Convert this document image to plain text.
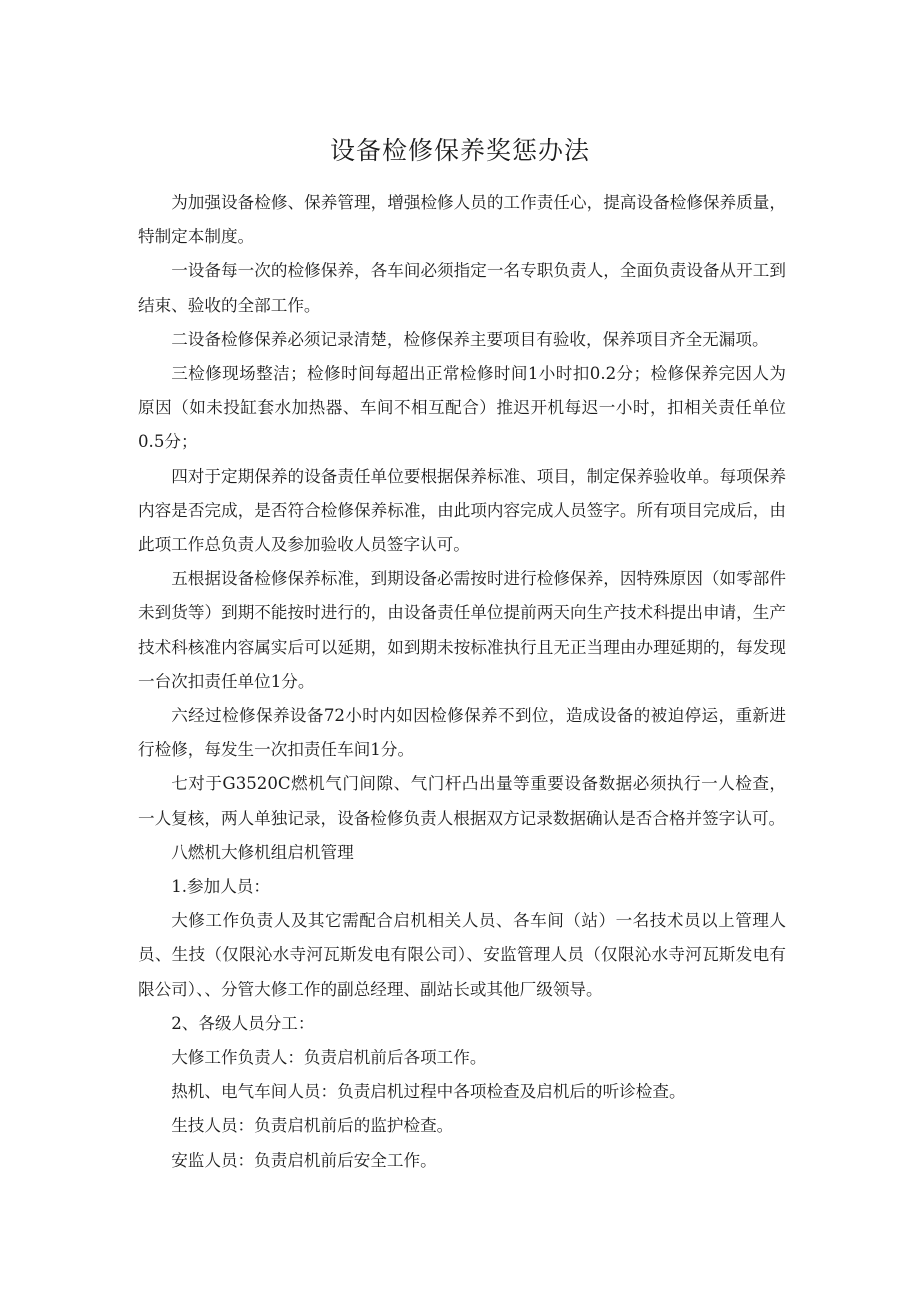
设备检修保养奖惩办法

为加强设备检修、保养管理，增强检修人员的工作责任心，提高设备检修保养质量，特制定本制度。

一设备每一次的检修保养，各车间必须指定一名专职负责人，全面负责设备从开工到结束、验收的全部工作。

二设备检修保养必须记录清楚，检修保养主要项目有验收，保养项目齐全无漏项。

三检修现场整洁；检修时间每超出正常检修时间1小时扣0.2分；检修保养完因人为原因（如未投缸套水加热器、车间不相互配合）推迟开机每迟一小时，扣相关责任单位0.5分；

四对于定期保养的设备责任单位要根据保养标准、项目，制定保养验收单。每项保养内容是否完成，是否符合检修保养标准，由此项内容完成人员签字。所有项目完成后，由此项工作总负责人及参加验收人员签字认可。

五根据设备检修保养标准，到期设备必需按时进行检修保养，因特殊原因（如零部件未到货等）到期不能按时进行的，由设备责任单位提前两天向生产技术科提出申请，生产技术科核准内容属实后可以延期，如到期未按标准执行且无正当理由办理延期的，每发现一台次扣责任单位1分。

六经过检修保养设备72小时内如因检修保养不到位，造成设备的被迫停运，重新进行检修，每发生一次扣责任车间1分。

七对于G3520C燃机气门间隙、气门杆凸出量等重要设备数据必须执行一人检查，一人复核，两人单独记录，设备检修负责人根据双方记录数据确认是否合格并签字认可。

八燃机大修机组启机管理

1.参加人员：

大修工作负责人及其它需配合启机相关人员、各车间（站）一名技术员以上管理人员、生技（仅限沁水寺河瓦斯发电有限公司）、安监管理人员（仅限沁水寺河瓦斯发电有限公司）、、分管大修工作的副总经理、副站长或其他厂级领导。

2、各级人员分工：

大修工作负责人：负责启机前后各项工作。

热机、电气车间人员：负责启机过程中各项检查及启机后的听诊检查。

生技人员：负责启机前后的监护检查。

安监人员：负责启机前后安全工作。
